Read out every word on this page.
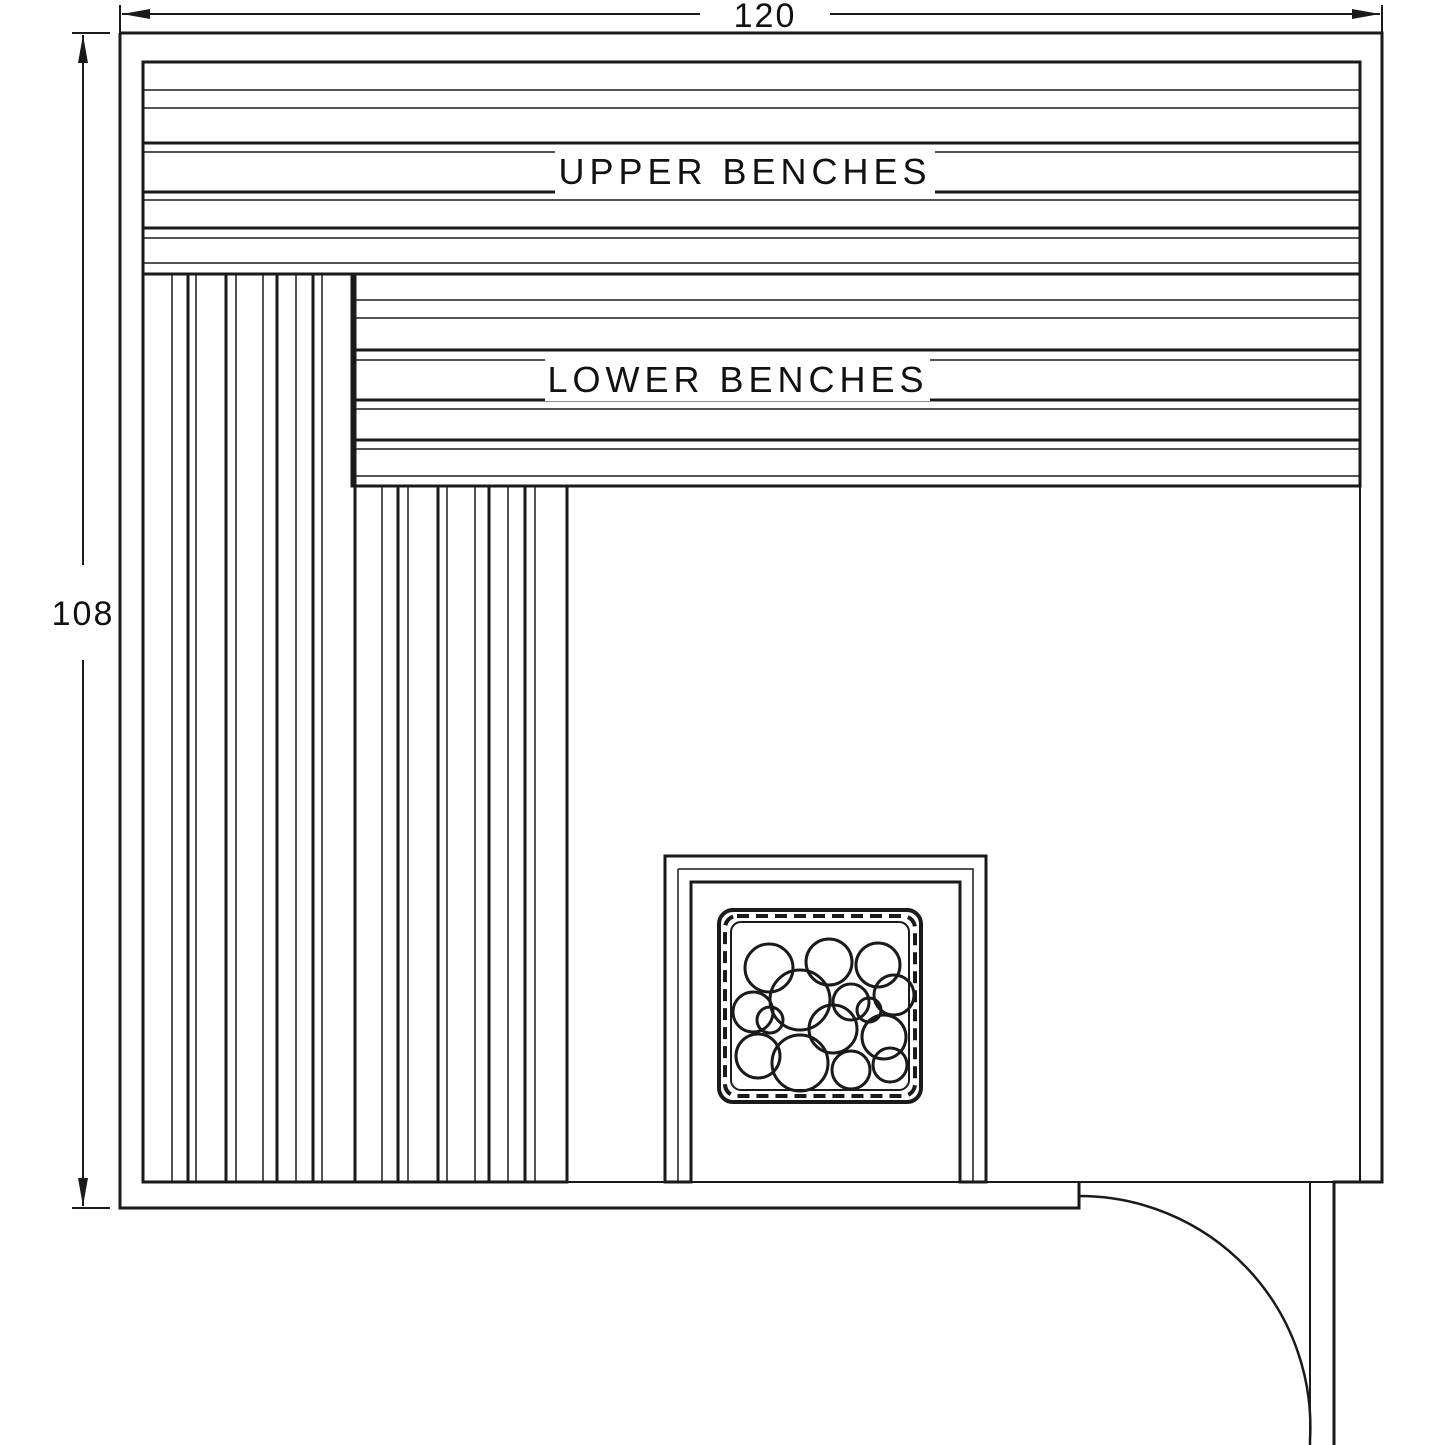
120
108
UPPER BENCHES
LOWER BENCHES
